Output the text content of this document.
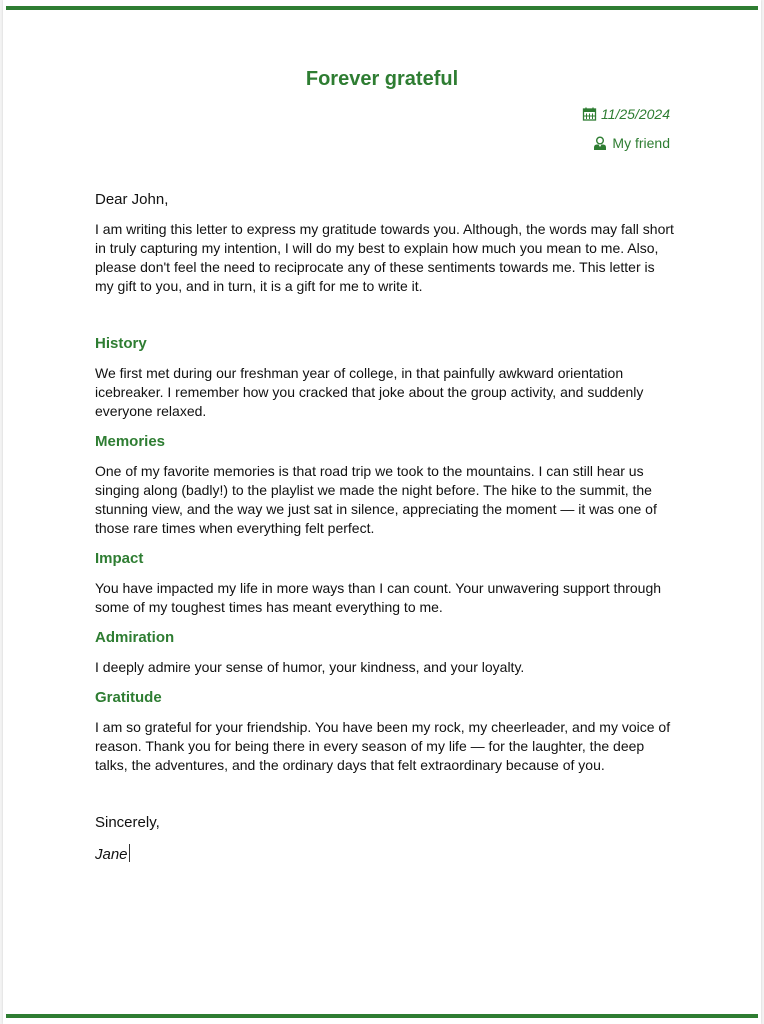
Forever grateful
11/25/2024
My friend

Dear John,

I am writing this letter to express my gratitude towards you. Although, the words may fall short in truly capturing my intention, I will do my best to explain how much you mean to me. Also, please don't feel the need to reciprocate any of these sentiments towards me. This letter is my gift to you, and in turn, it is a gift for me to write it.

History

We first met during our freshman year of college, in that painfully awkward orientation icebreaker. I remember how you cracked that joke about the group activity, and suddenly everyone relaxed.

Memories

One of my favorite memories is that road trip we took to the mountains. I can still hear us singing along (badly!) to the playlist we made the night before. The hike to the summit, the stunning view, and the way we just sat in silence, appreciating the moment — it was one of those rare times when everything felt perfect.

Impact

You have impacted my life in more ways than I can count. Your unwavering support through some of my toughest times has meant everything to me.

Admiration

I deeply admire your sense of humor, your kindness, and your loyalty.

Gratitude

I am so grateful for your friendship. You have been my rock, my cheerleader, and my voice of reason. Thank you for being there in every season of my life — for the laughter, the deep talks, the adventures, and the ordinary days that felt extraordinary because of you.

Sincerely,

Jane
